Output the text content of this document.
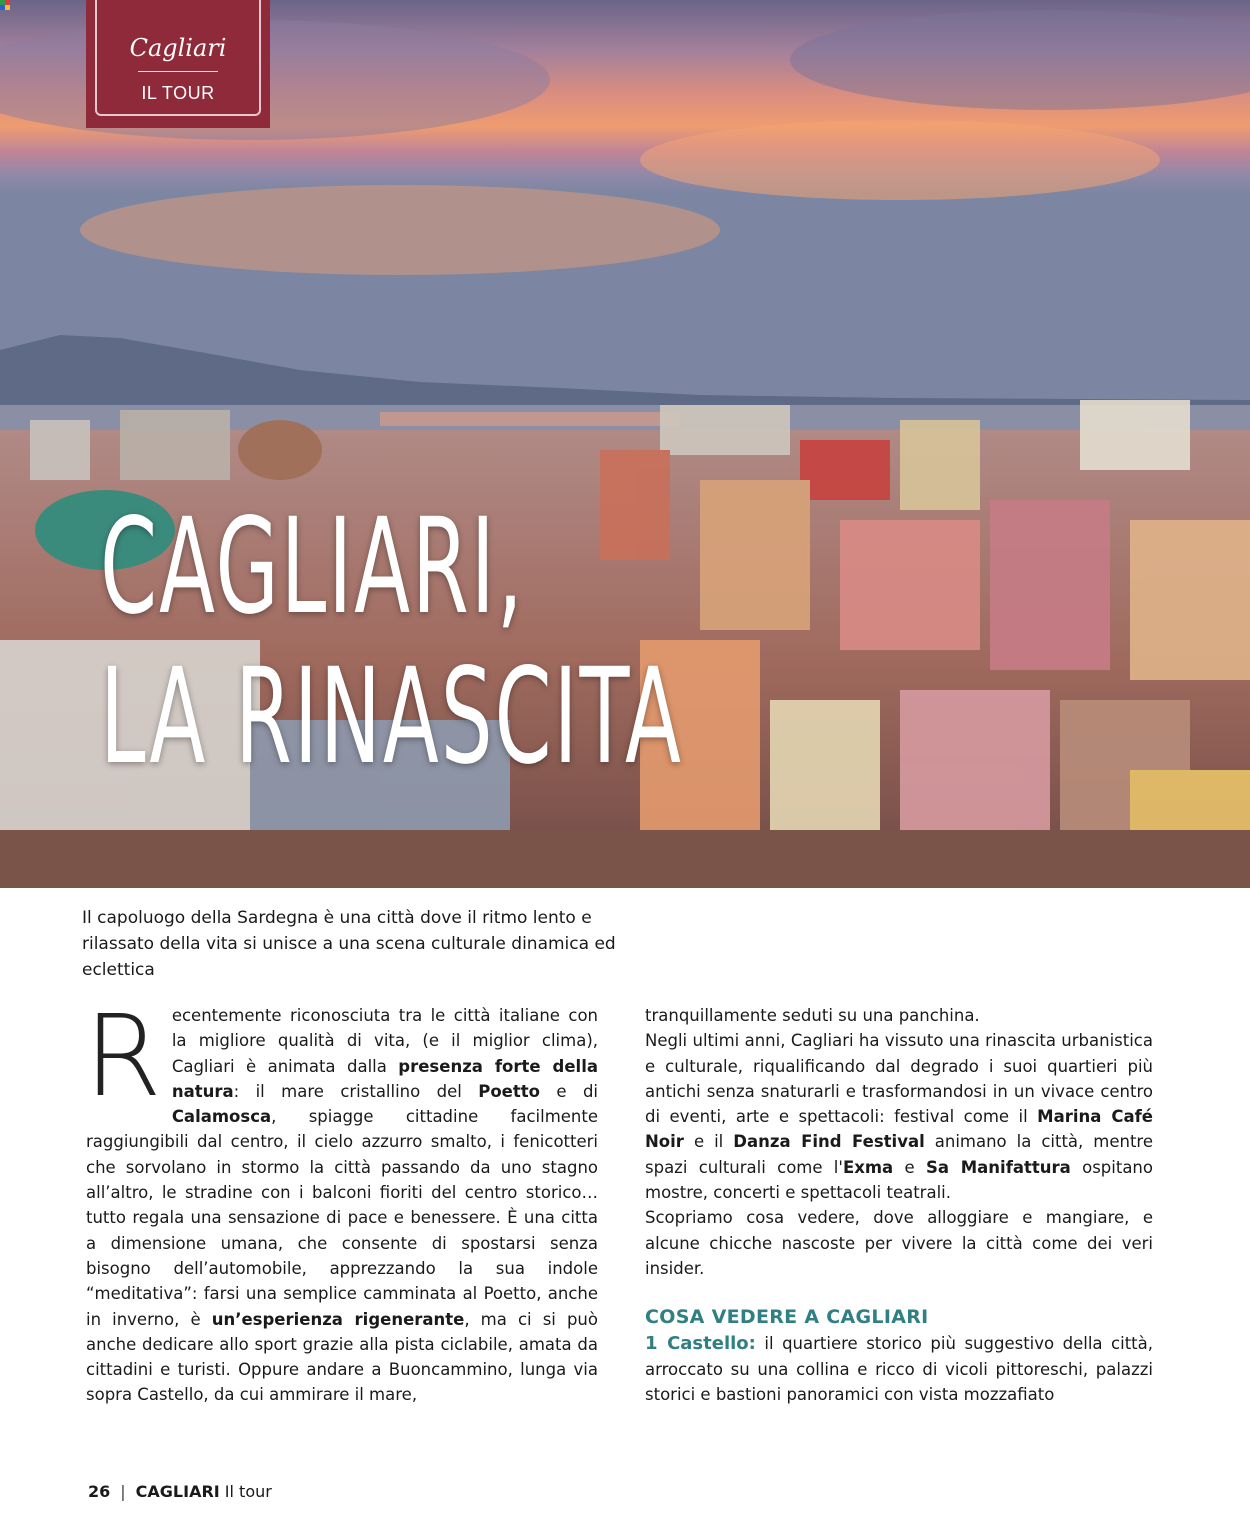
Cagliari
IL TOUR
CAGLIARI,
LA RINASCITA
Il capoluogo della Sardegna è una città dove il ritmo lento e rilassato della vita si unisce a una scena culturale dinamica ed eclettica

Recentemente riconosciuta tra le città italiane con la migliore qualità di vita, (e il miglior clima), Cagliari è animata dalla presenza forte della natura: il mare cristallino del Poetto e di Calamosca, spiagge cittadine facilmente raggiungibili dal centro, il cielo azzurro smalto, i fenicotteri che sorvolano in stormo la città passando da uno stagno all’altro, le stradine con i balconi fioriti del centro storico… tutto regala una sensazione di pace e benessere. È una citta a dimensione umana, che consente di spostarsi senza bisogno dell’automobile, apprezzando la sua indole “meditativa”: farsi una semplice camminata al Poetto, anche in inverno, è un’esperienza rigenerante, ma ci si può anche dedicare allo sport grazie alla pista ciclabile, amata da cittadini e turisti. Oppure andare a Buoncammino, lunga via sopra Castello, da cui ammirare il mare,

tranquillamente seduti su una panchina.

Negli ultimi anni, Cagliari ha vissuto una rinascita urbanistica e culturale, riqualificando dal degrado i suoi quartieri più antichi senza snaturarli e trasformandosi in un vivace centro di eventi, arte e spettacoli: festival come il Marina Café Noir e il Danza Find Festival animano la città, mentre spazi culturali come l'Exma e Sa Manifattura ospitano mostre, concerti e spettacoli teatrali.

Scopriamo cosa vedere, dove alloggiare e mangiare, e alcune chicche nascoste per vivere la città come dei veri insider.

COSA VEDERE A CAGLIARI

1 Castello: il quartiere storico più suggestivo della città, arroccato su una collina e ricco di vicoli pittoreschi, palazzi storici e bastioni panoramici con vista mozzafiato

26 | CAGLIARI Il tour
